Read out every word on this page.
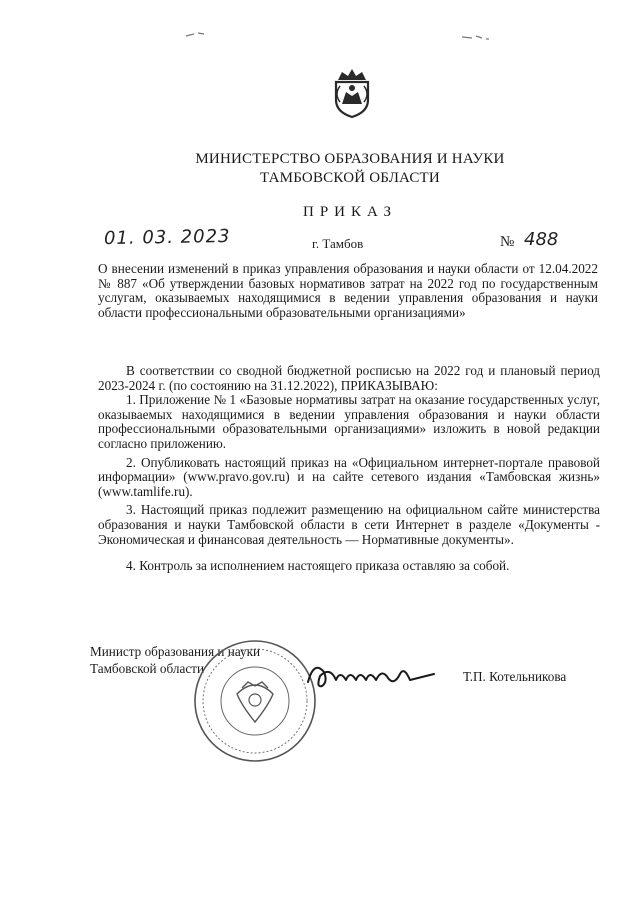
МИНИСТЕРСТВО ОБРАЗОВАНИЯ И НАУКИ
ТАМБОВСКОЙ ОБЛАСТИ
ПРИКАЗ
01. 03. 2023	г. Тамбов	№ 488
О внесении изменений в приказ управления образования и науки области от 12.04.2022 № 887 «Об утверждении базовых нормативов затрат на 2022 год по государственным услугам, оказываемых находящимися в ведении управления образования и науки области профессиональными образовательными организациями»

В соответствии со сводной бюджетной росписью на 2022 год и плановый период 2023-2024 г. (по состоянию на 31.12.2022), ПРИКАЗЫВАЮ:

1. Приложение № 1 «Базовые нормативы затрат на оказание государственных услуг, оказываемых находящимися в ведении управления образования и науки области профессиональными образовательными организациями» изложить в новой редакции согласно приложению.

2. Опубликовать настоящий приказ на «Официальном интернет-портале правовой информации» (www.pravo.gov.ru) и на сайте сетевого издания «Тамбовская жизнь» (www.tamlife.ru).

3. Настоящий приказ подлежит размещению на официальном сайте министерства образования и науки Тамбовской области в сети Интернет в разделе «Документы - Экономическая и финансовая деятельность — Нормативные документы».

4. Контроль за исполнением настоящего приказа оставляю за собой.

Министр образования и науки
Тамбовской области
Т.П. Котельникова
